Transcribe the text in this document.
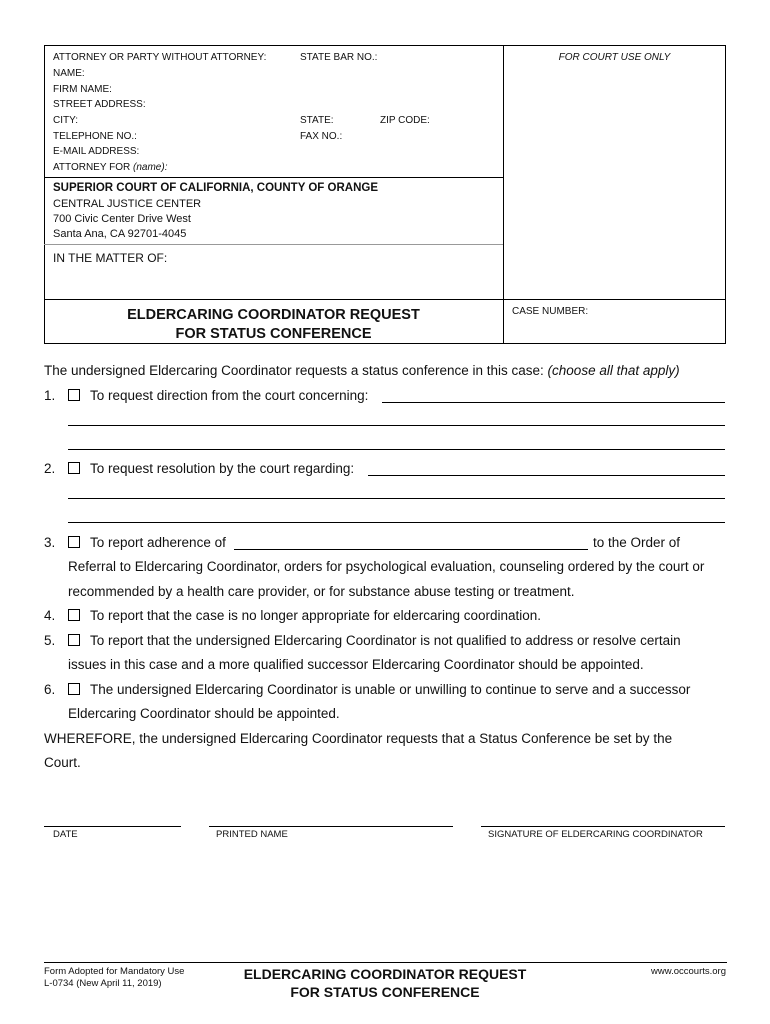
ATTORNEY OR PARTY WITHOUT ATTORNEY:	STATE BAR NO.:	FOR COURT USE ONLY
NAME:
FIRM NAME:
STREET ADDRESS:
CITY:	STATE:	ZIP CODE:
TELEPHONE NO.:	FAX NO.:
E-MAIL ADDRESS:
ATTORNEY FOR (name):
SUPERIOR COURT OF CALIFORNIA, COUNTY OF ORANGE
CENTRAL JUSTICE CENTER
700 Civic Center Drive West
Santa Ana, CA 92701-4045
IN THE MATTER OF:
ELDERCARING COORDINATOR REQUEST
FOR STATUS CONFERENCE
CASE NUMBER:
The undersigned Eldercaring Coordinator requests a status conference in this case: (choose all that apply)
1.	To request direction from the court concerning:
2.	To request resolution by the court regarding:
3.	To report adherence of	to the Order of
Referral to Eldercaring Coordinator, orders for psychological evaluation, counseling ordered by the court or
recommended by a health care provider, or for substance abuse testing or treatment.
4.	To report that the case is no longer appropriate for eldercaring coordination.
5.	To report that the undersigned Eldercaring Coordinator is not qualified to address or resolve certain
issues in this case and a more qualified successor Eldercaring Coordinator should be appointed.
6.	The undersigned Eldercaring Coordinator is unable or unwilling to continue to serve and a successor
Eldercaring Coordinator should be appointed.
WHEREFORE, the undersigned Eldercaring Coordinator requests that a Status Conference be set by the
Court.
DATE	PRINTED NAME	SIGNATURE OF ELDERCARING COORDINATOR
Form Adopted for Mandatory Use
L-0734 (New April 11, 2019)
ELDERCARING COORDINATOR REQUEST
FOR STATUS CONFERENCE
www.occourts.org
